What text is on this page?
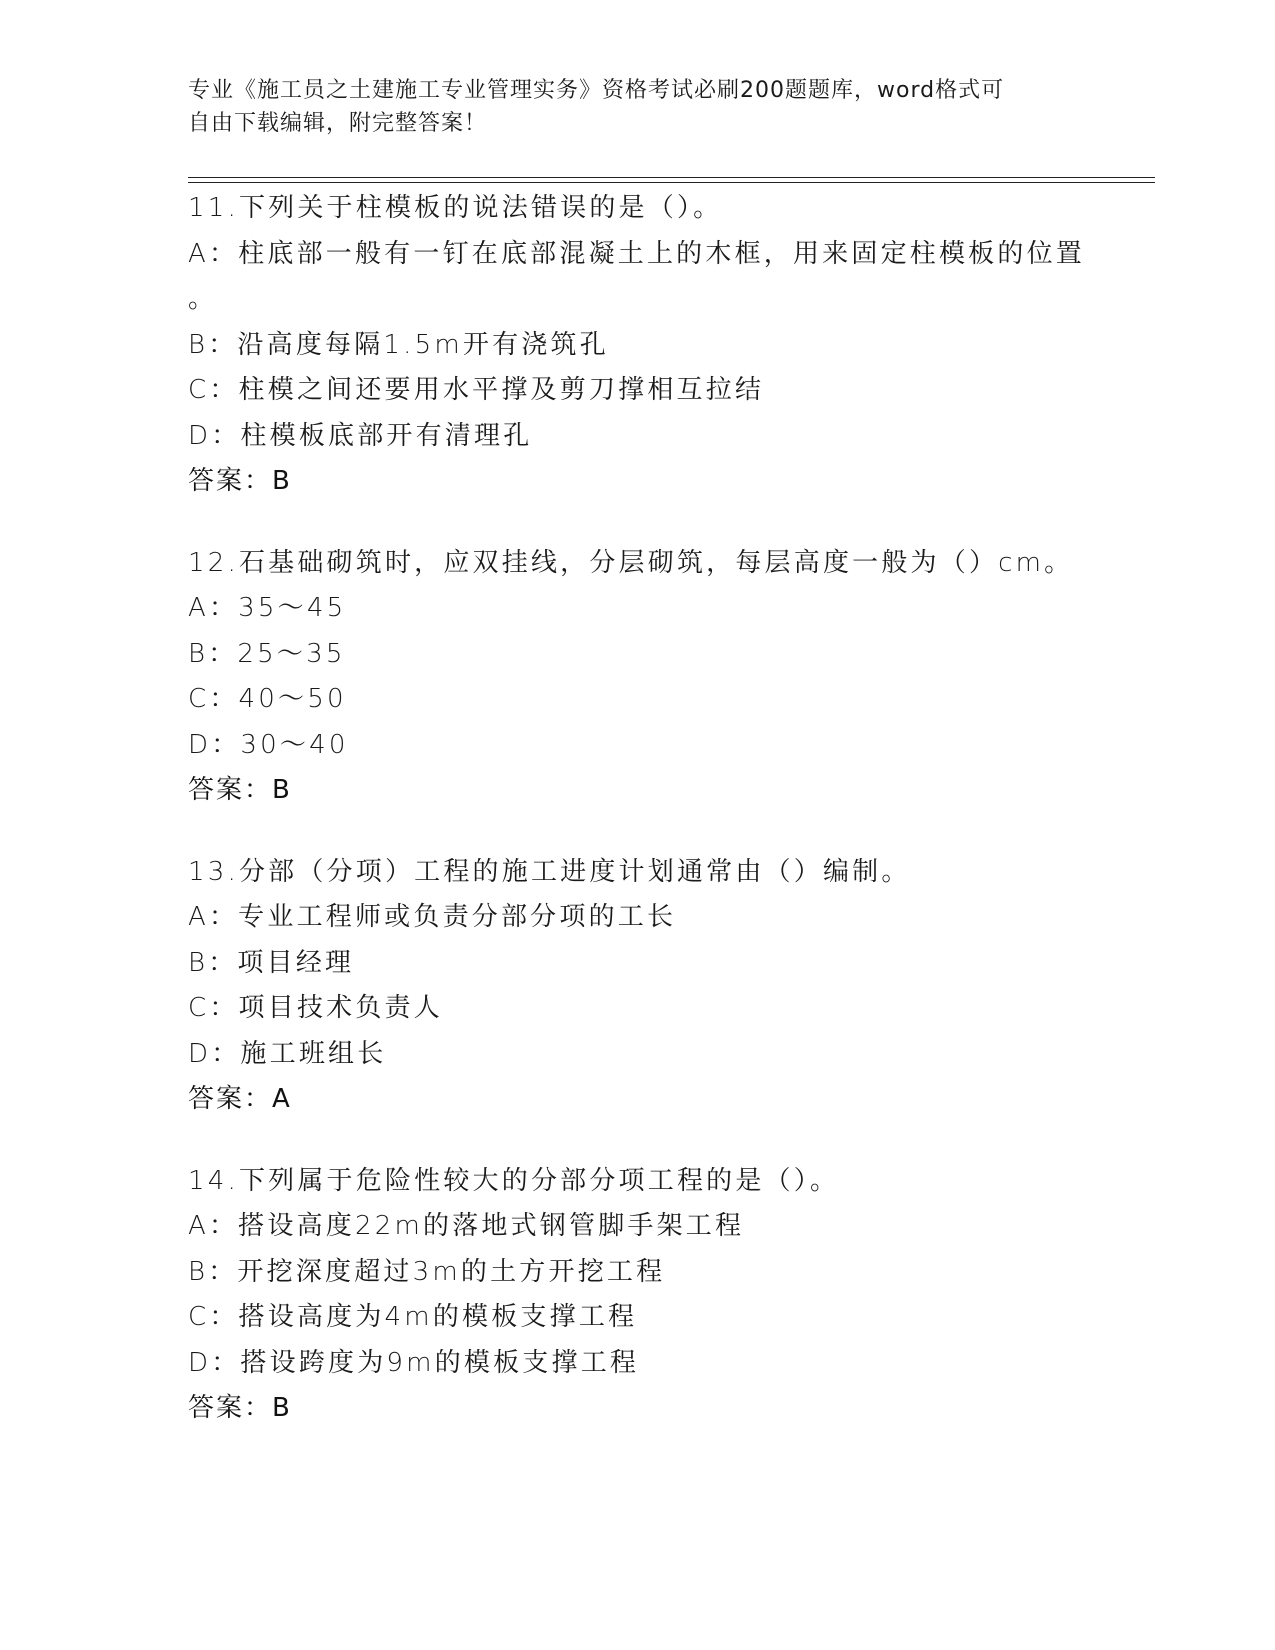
专业《施工员之土建施工专业管理实务》资格考试必刷200题题库，word格式可
自由下载编辑，附完整答案！
11.下列关于柱模板的说法错误的是（）。
A：柱底部一般有一钉在底部混凝土上的木框，用来固定柱模板的位置
。
B：沿高度每隔1.5m开有浇筑孔
C：柱模之间还要用水平撑及剪刀撑相互拉结
D：柱模板底部开有清理孔
答案：B
12.石基础砌筑时，应双挂线，分层砌筑，每层高度一般为（）cm。
A：35～45
B：25～35
C：40～50
D：30～40
答案：B
13.分部（分项）工程的施工进度计划通常由（）编制。
A：专业工程师或负责分部分项的工长
B：项目经理
C：项目技术负责人
D：施工班组长
答案：A
14.下列属于危险性较大的分部分项工程的是（）。
A：搭设高度22m的落地式钢管脚手架工程
B：开挖深度超过3m的土方开挖工程
C：搭设高度为4m的模板支撑工程
D：搭设跨度为9m的模板支撑工程
答案：B
